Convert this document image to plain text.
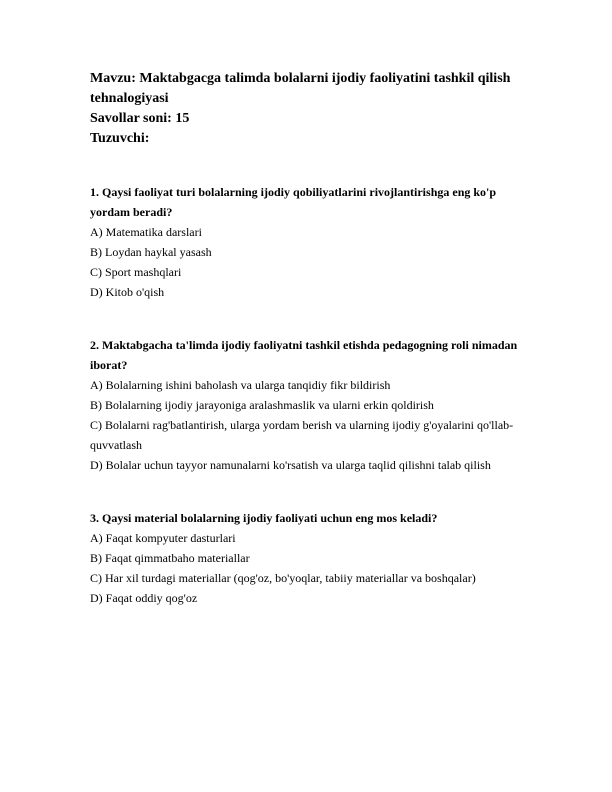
Mavzu: Maktabgacga talimda bolalarni ijodiy faoliyatini tashkil qilish tehnalogiyasi

Savollar soni: 15

Tuzuvchi:

1. Qaysi faoliyat turi bolalarning ijodiy qobiliyatlarini rivojlantirishga eng ko'p yordam beradi?

A) Matematika darslari

B) Loydan haykal yasash

C) Sport mashqlari

D) Kitob o'qish

2. Maktabgacha ta'limda ijodiy faoliyatni tashkil etishda pedagogning roli nimadan iborat?

A) Bolalarning ishini baholash va ularga tanqidiy fikr bildirish

B) Bolalarning ijodiy jarayoniga aralashmaslik va ularni erkin qoldirish

C) Bolalarni rag'batlantirish, ularga yordam berish va ularning ijodiy g'oyalarini qo'llab-quvvatlash

D) Bolalar uchun tayyor namunalarni ko'rsatish va ularga taqlid qilishni talab qilish

3. Qaysi material bolalarning ijodiy faoliyati uchun eng mos keladi?

A) Faqat kompyuter dasturlari

B) Faqat qimmatbaho materiallar

C) Har xil turdagi materiallar (qog'oz, bo'yoqlar, tabiiy materiallar va boshqalar)

D) Faqat oddiy qog'oz
